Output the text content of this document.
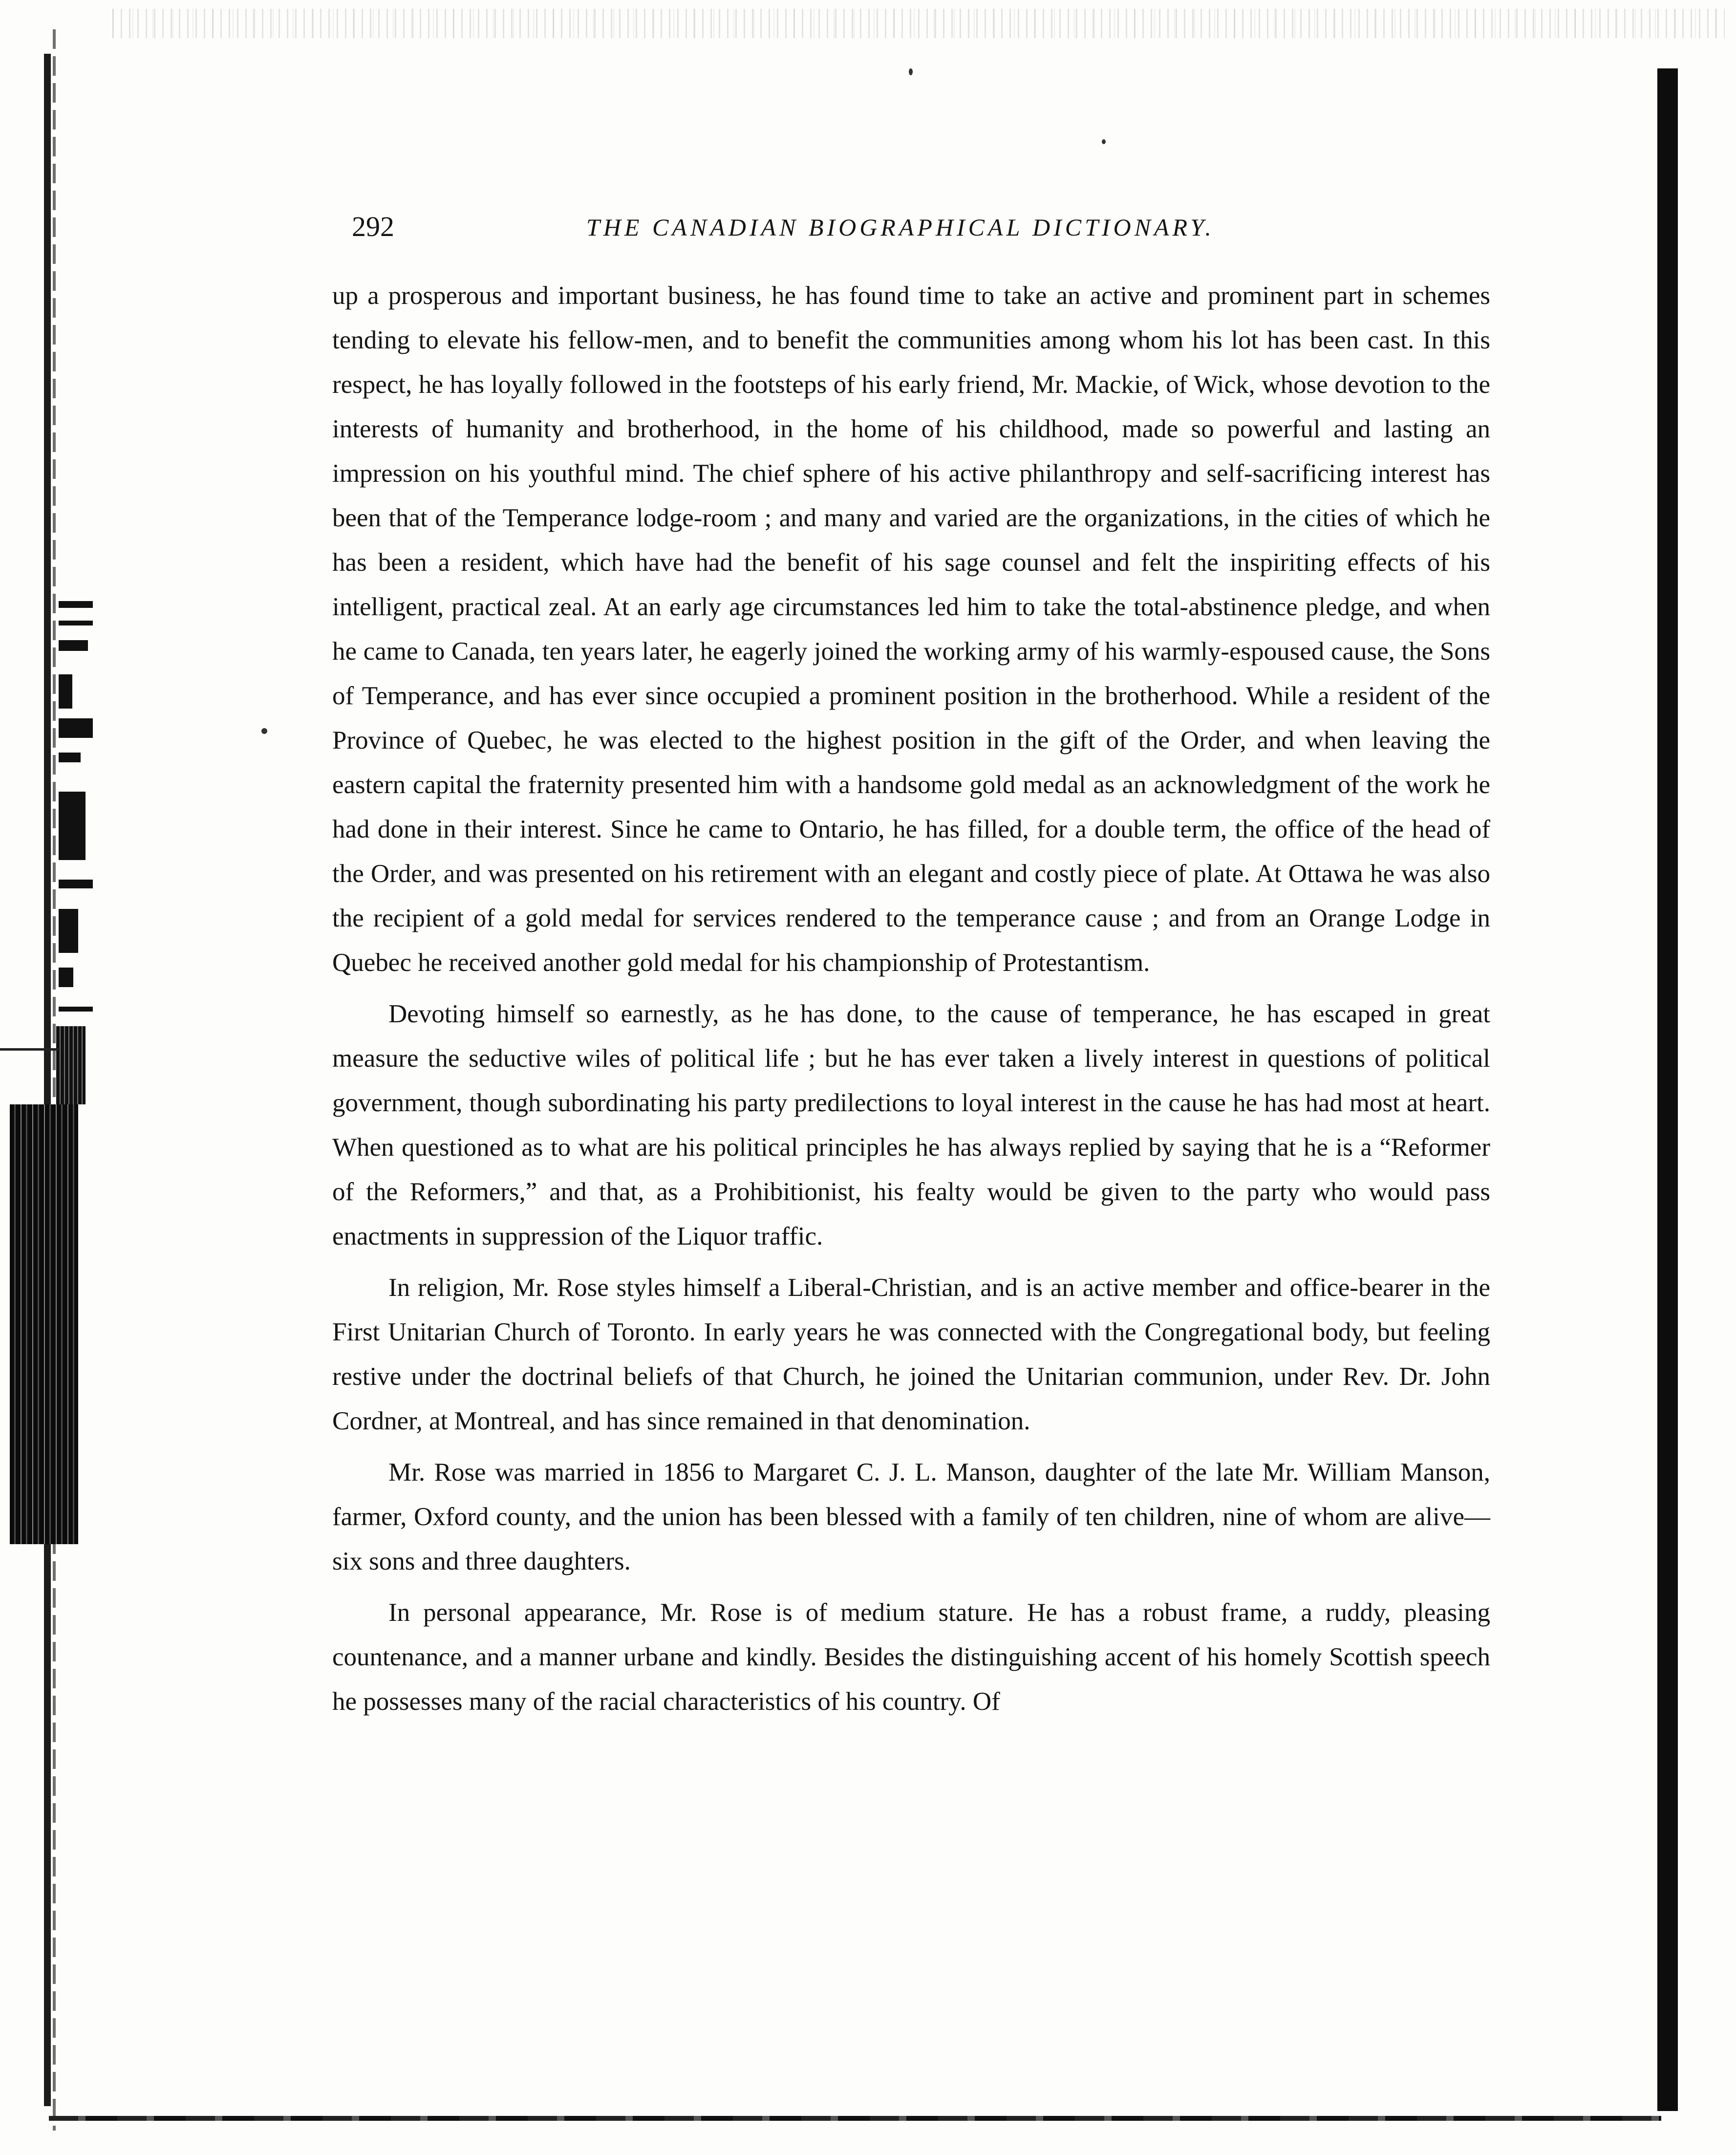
292	THE CANADIAN BIOGRAPHICAL DICTIONARY.

up a prosperous and important business, he has found time to take an active and prominent part in schemes tending to elevate his fellow-men, and to benefit the communities among whom his lot has been cast. In this respect, he has loyally followed in the footsteps of his early friend, Mr. Mackie, of Wick, whose devotion to the interests of humanity and brotherhood, in the home of his childhood, made so powerful and lasting an impression on his youthful mind. The chief sphere of his active philanthropy and self-sacrificing interest has been that of the Temperance lodge-room ; and many and varied are the organizations, in the cities of which he has been a resident, which have had the benefit of his sage counsel and felt the inspiriting effects of his intelligent, practical zeal. At an early age circumstances led him to take the total-abstinence pledge, and when he came to Canada, ten years later, he eagerly joined the working army of his warmly-espoused cause, the Sons of Temperance, and has ever since occupied a prominent position in the brotherhood. While a resident of the Province of Quebec, he was elected to the highest position in the gift of the Order, and when leaving the eastern capital the fraternity presented him with a handsome gold medal as an acknowledgment of the work he had done in their interest. Since he came to Ontario, he has filled, for a double term, the office of the head of the Order, and was presented on his retirement with an elegant and costly piece of plate. At Ottawa he was also the recipient of a gold medal for services rendered to the temperance cause ; and from an Orange Lodge in Quebec he received another gold medal for his championship of Protestantism.

Devoting himself so earnestly, as he has done, to the cause of temperance, he has escaped in great measure the seductive wiles of political life ; but he has ever taken a lively interest in questions of political government, though subordinating his party predilections to loyal interest in the cause he has had most at heart. When questioned as to what are his political principles he has always replied by saying that he is a “Reformer of the Reformers,” and that, as a Prohibitionist, his fealty would be given to the party who would pass enactments in suppression of the Liquor traffic.

In religion, Mr. Rose styles himself a Liberal-Christian, and is an active member and office-bearer in the First Unitarian Church of Toronto. In early years he was connected with the Congregational body, but feeling restive under the doctrinal beliefs of that Church, he joined the Unitarian communion, under Rev. Dr. John Cordner, at Montreal, and has since remained in that denomination.

Mr. Rose was married in 1856 to Margaret C. J. L. Manson, daughter of the late Mr. William Manson, farmer, Oxford county, and the union has been blessed with a family of ten children, nine of whom are alive—six sons and three daughters.

In personal appearance, Mr. Rose is of medium stature. He has a robust frame, a ruddy, pleasing countenance, and a manner urbane and kindly. Besides the distinguishing accent of his homely Scottish speech he possesses many of the racial characteristics of his country. Of
